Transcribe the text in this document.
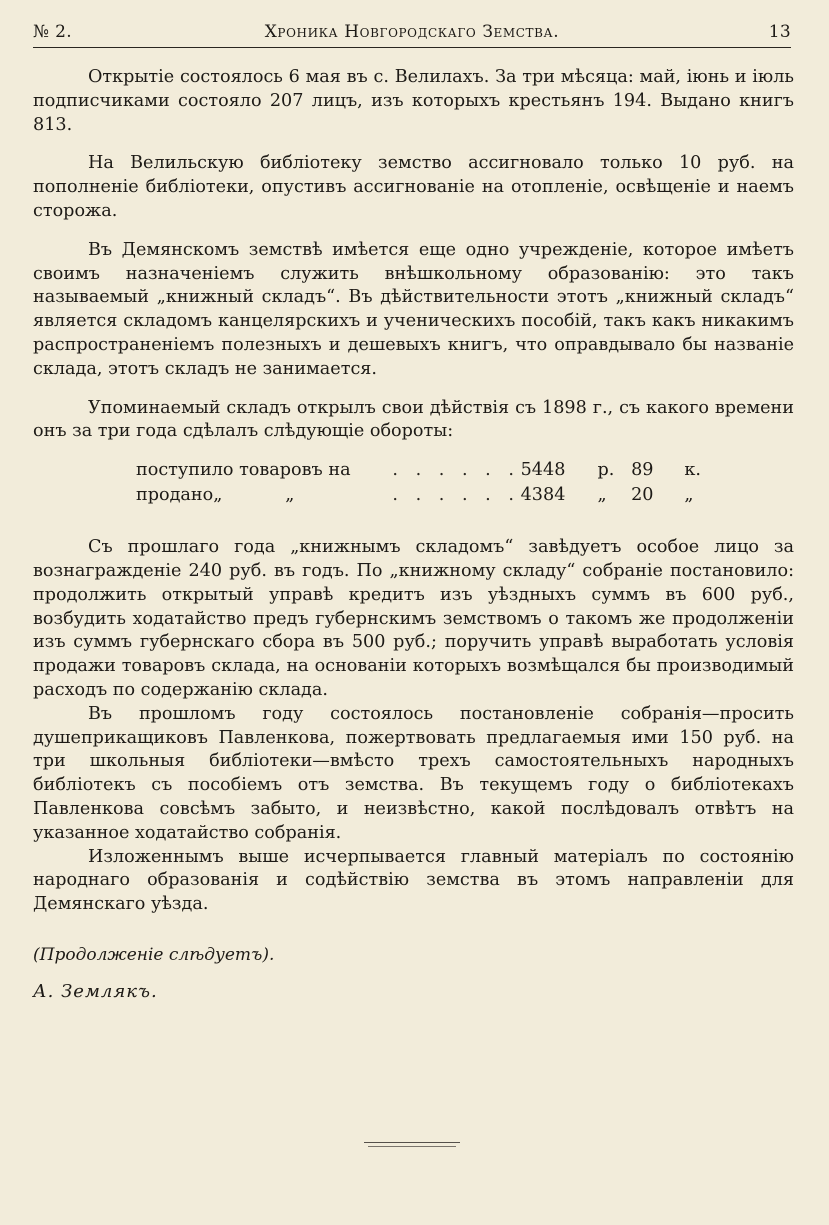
№ 2.	Хроника Новгородскаго Земства.	13

Открытіе состоялось 6 мая въ с. Велилахъ. За три мѣсяца: май, іюнь и іюль подписчиками состояло 207 лицъ, изъ которыхъ крестьянъ 194. Выдано книгъ 813.

На Велильскую библіотеку земство ассигновало только 10 руб. на пополненіе библіотеки, опустивъ ассигнованіе на отопленіе, освѣщеніе и наемъ сторожа.

Въ Демянскомъ земствѣ имѣется еще одно учрежденіе, которое имѣетъ своимъ назначеніемъ служить внѣшкольному образованію: это такъ называемый „книжный складъ“. Въ дѣйствительности этотъ „книжный складъ“ является складомъ канцелярскихъ и ученическихъ пособій, такъ какъ никакимъ распространеніемъ полезныхъ и дешевыхъ книгъ, что оправдывало бы названіе склада, этотъ складъ не занимается.

Упоминаемый складъ открылъ свои дѣйствія съ 1898 г., съ какого времени онъ за три года сдѣлалъ слѣдующіе обороты:

поступило товаровъ на	. . . . . . 5448	р. 89	к.
продано„	„	. . . . . . 4384	„	20	„

Съ прошлаго года „книжнымъ складомъ“ завѣдуетъ особое лицо за вознагражденіе 240 руб. въ годъ. По „книжному складу“ собраніе постановило: продолжить открытый управѣ кредитъ изъ уѣздныхъ суммъ въ 600 руб., возбудить ходатайство предъ губернскимъ земствомъ о такомъ же продолженіи изъ суммъ губернскаго сбора въ 500 руб.; поручить управѣ выработать условія продажи товаровъ склада, на основаніи которыхъ возмѣщался бы производимый расходъ по содержанію склада.

Въ прошломъ году состоялось постановленіе собранія—просить душеприкащиковъ Павленкова, пожертвовать предлагаемыя ими 150 руб. на три школьныя библіотеки—вмѣсто трехъ самостоятельныхъ народныхъ библіотекъ съ пособіемъ отъ земства. Въ текущемъ году о библіотекахъ Павленкова совсѣмъ забыто, и неизвѣстно, какой послѣдовалъ отвѣтъ на указанное ходатайство собранія.

Изложеннымъ выше исчерпывается главный матеріалъ по состоянію народнаго образованія и содѣйствію земства въ этомъ направленіи для Демянскаго уѣзда.

(Продолженіе слѣдуетъ).

А. Землякъ.
